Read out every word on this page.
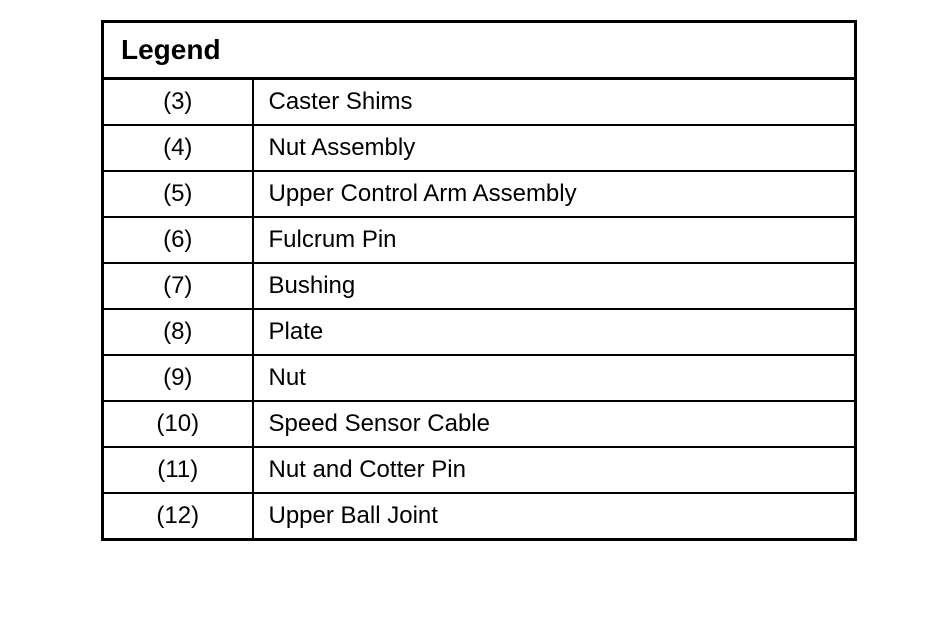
Legend	
(3)	Caster Shims
(4)	Nut Assembly
(5)	Upper Control Arm Assembly
(6)	Fulcrum Pin
(7)	Bushing
(8)	Plate
(9)	Nut
(10)	Speed Sensor Cable
(11)	Nut and Cotter Pin
(12)	Upper Ball Joint
